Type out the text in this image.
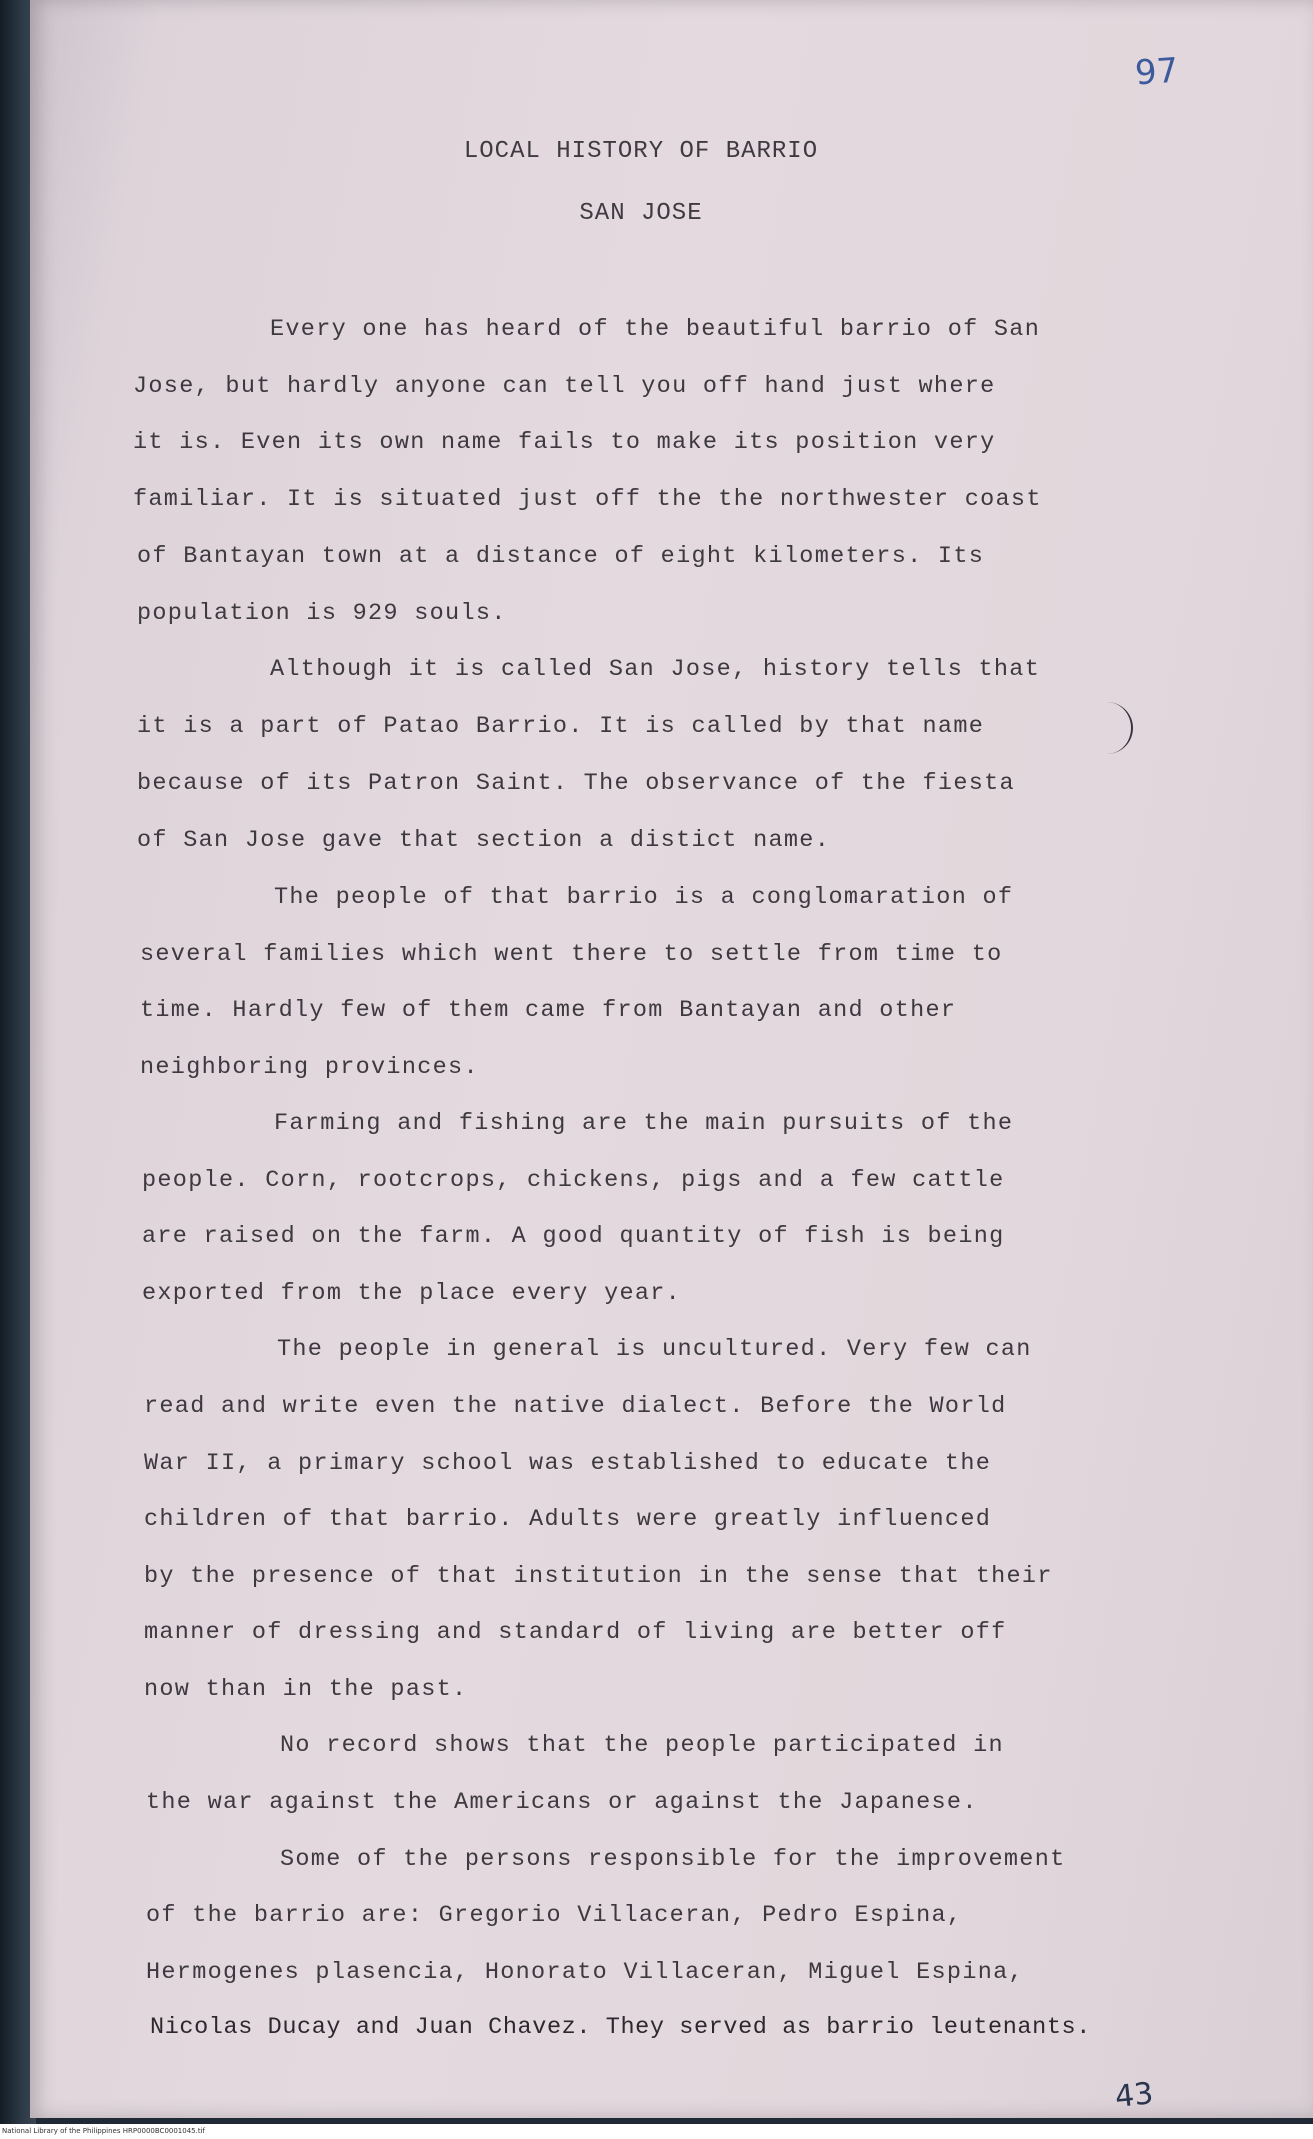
97
LOCAL HISTORY OF BARRIO
SAN JOSE
Every one has heard of the beautiful barrio of San
Jose, but hardly anyone can tell you off hand just where
it is. Even its own name fails to make its position very
familiar. It is situated just off the the northwester coast
of Bantayan town at a distance of eight kilometers. Its
population is 929 souls.
Although it is called San Jose, history tells that
it is a part of Patao Barrio. It is called by that name
because of its Patron Saint. The observance of the fiesta
of San Jose gave that section a distict name.
The people of that barrio is a conglomaration of
several families which went there to settle from time to
time. Hardly few of them came from Bantayan and other
neighboring provinces.
Farming and fishing are the main pursuits of the
people. Corn, rootcrops, chickens, pigs and a few cattle
are raised on the farm. A good quantity of fish is being
exported from the place every year.
The people in general is uncultured. Very few can
read and write even the native dialect. Before the World
War II, a primary school was established to educate the
children of that barrio. Adults were greatly influenced
by the presence of that institution in the sense that their
manner of dressing and standard of living are better off
now than in the past.
No record shows that the people participated in
the war against the Americans or against the Japanese.
Some of the persons responsible for the improvement
of the barrio are: Gregorio Villaceran, Pedro Espina,
Hermogenes plasencia, Honorato Villaceran, Miguel Espina,
Nicolas Ducay and Juan Chavez. They served as barrio leutenants.
43
National Library of the Philippines HRP0000BC0001045.tif
